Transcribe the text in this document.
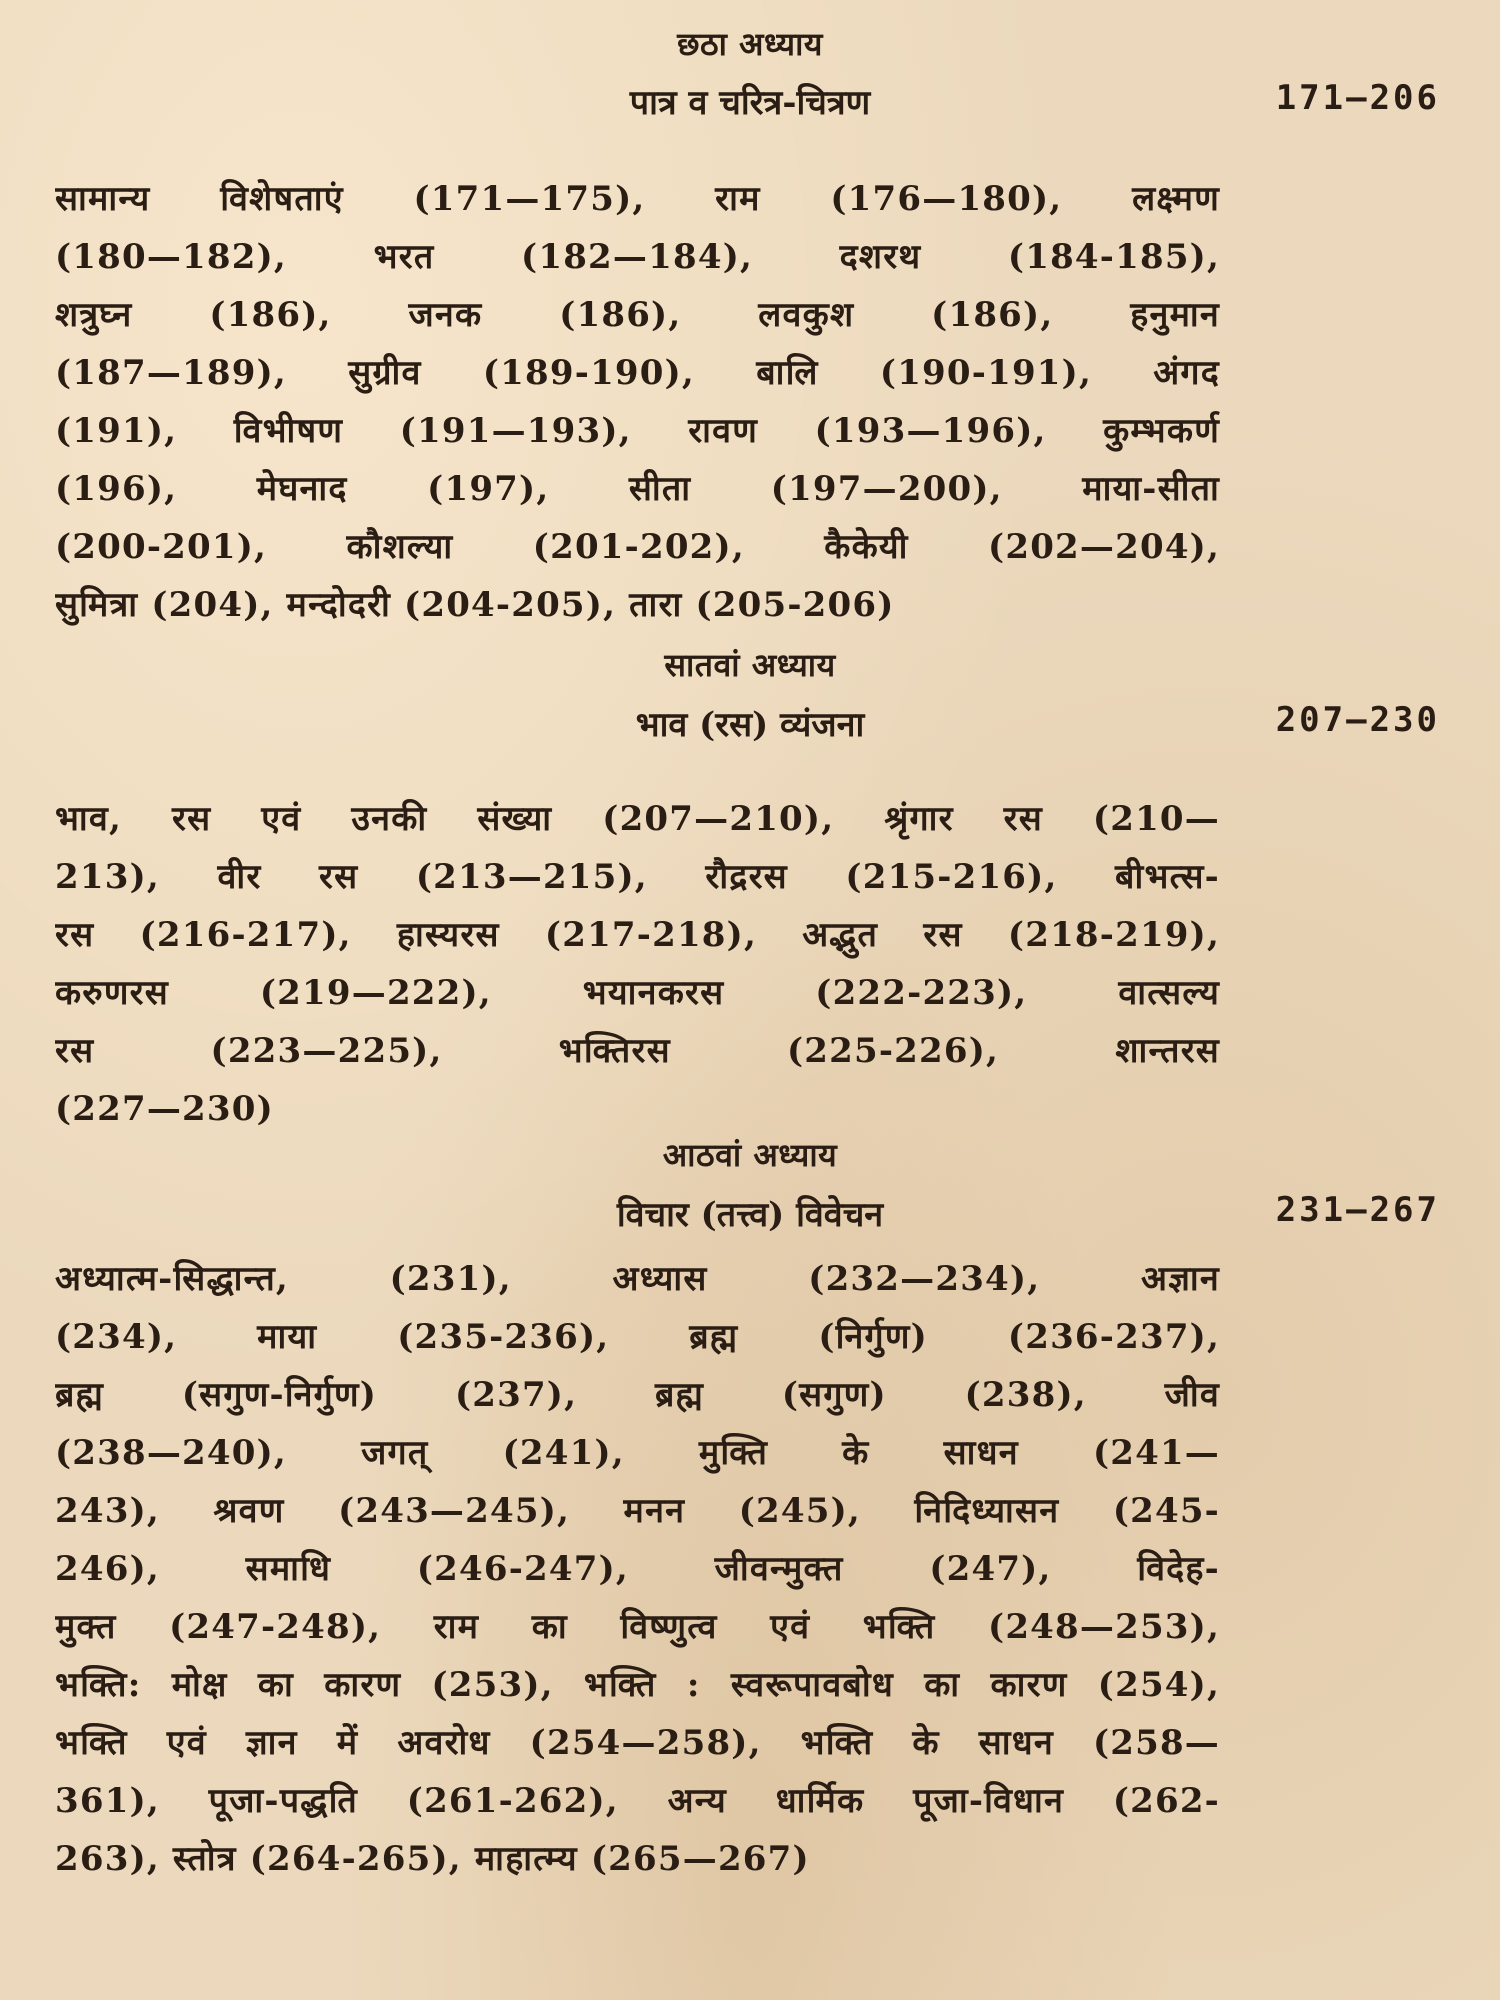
छठा अध्याय
पात्र व चरित्र-चित्रण	171—206
सामान्य विशेषताएं (171—175), राम (176—180), लक्ष्मण
(180—182), भरत (182—184), दशरथ (184-185),
शत्रुघ्न (186), जनक (186), लवकुश (186), हनुमान
(187—189), सुग्रीव (189-190), बालि (190-191), अंगद
(191), विभीषण (191—193), रावण (193—196), कुम्भकर्ण
(196), मेघनाद (197), सीता (197—200), माया-सीता
(200-201), कौशल्या (201-202), कैकेयी (202—204),
सुमित्रा (204), मन्दोदरी (204-205), तारा (205-206)
सातवां अध्याय
भाव (रस) व्यंजना	207—230
भाव, रस एवं उनकी संख्या (207—210), श्रृंगार रस (210—
213), वीर रस (213—215), रौद्ररस (215-216), बीभत्स-
रस (216-217), हास्यरस (217-218), अद्भुत रस (218-219),
करुणरस (219—222), भयानकरस (222-223), वात्सल्य
रस (223—225), भक्तिरस (225-226), शान्तरस
(227—230)
आठवां अध्याय
विचार (तत्त्व) विवेचन	231—267
अध्यात्म-सिद्धान्त, (231), अध्यास (232—234), अज्ञान
(234), माया (235-236), ब्रह्म (निर्गुण) (236-237),
ब्रह्म (सगुण-निर्गुण) (237), ब्रह्म (सगुण) (238), जीव
(238—240), जगत् (241), मुक्ति के साधन (241—
243), श्रवण (243—245), मनन (245), निदिध्यासन (245-
246), समाधि (246-247), जीवन्मुक्त (247), विदेह-
मुक्त (247-248), राम का विष्णुत्व एवं भक्ति (248—253),
भक्ति: मोक्ष का कारण (253), भक्ति : स्वरूपावबोध का कारण (254),
भक्ति एवं ज्ञान में अवरोध (254—258), भक्ति के साधन (258—
361), पूजा-पद्धति (261-262), अन्य धार्मिक पूजा-विधान (262-
263), स्तोत्र (264-265), माहात्म्य (265—267)
